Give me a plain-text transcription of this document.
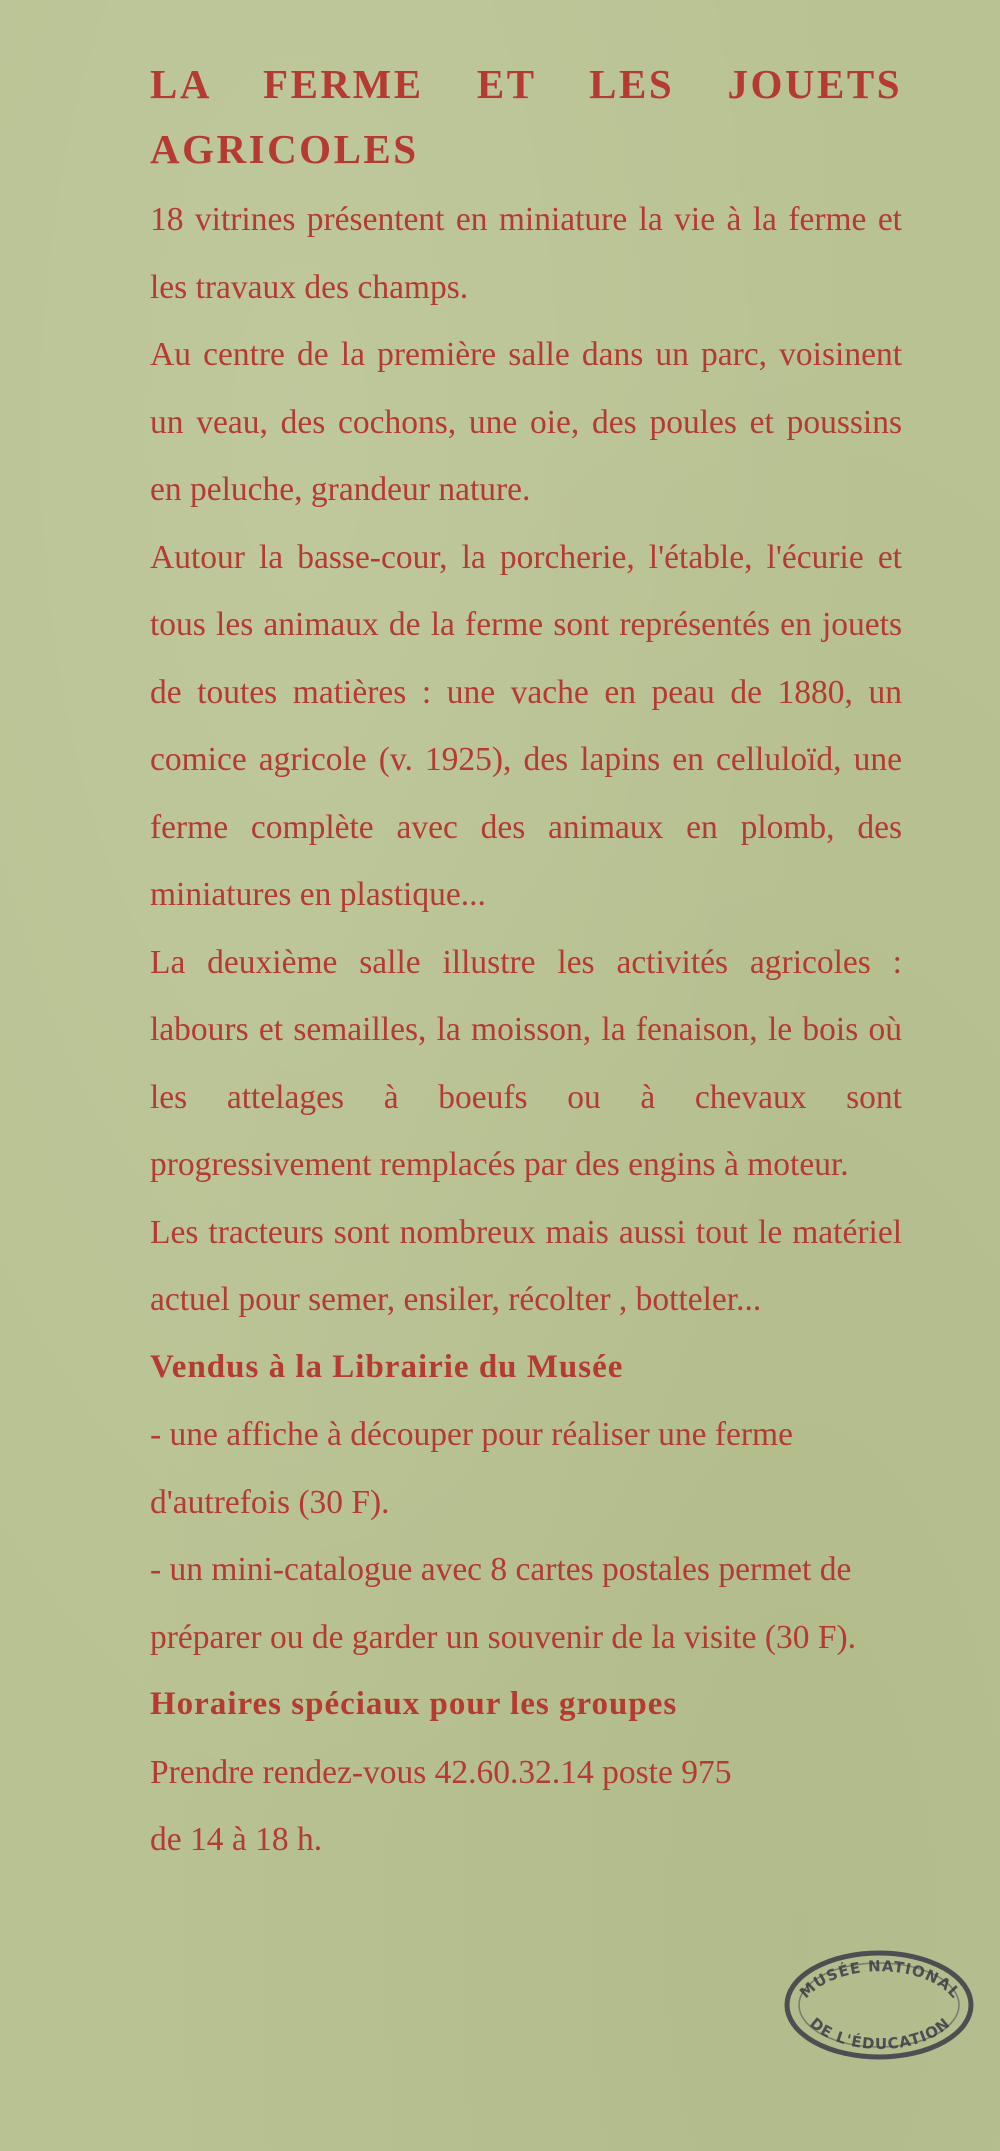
LA FERME ET LES JOUETS
AGRICOLES

18 vitrines présentent en miniature la vie à la ferme et les travaux des champs.

Au centre de la première salle dans un parc, voisinent un veau, des cochons, une oie, des poules et poussins en peluche, grandeur nature.

Autour la basse-cour, la porcherie, l'étable, l'écurie et tous les animaux de la ferme sont représentés en jouets de toutes matières : une vache en peau de 1880, un comice agricole (v. 1925), des lapins en celluloïd, une ferme complète avec des animaux en plomb, des miniatures en plastique...

La deuxième salle illustre les activités agricoles : labours et semailles, la moisson, la fenaison, le bois où les attelages à boeufs ou à chevaux sont progressivement remplacés par des engins à moteur.

Les tracteurs sont nombreux mais aussi tout le matériel actuel pour semer, ensiler, récolter , botteler...

Vendus à la Librairie du Musée

- une affiche à découper pour réaliser une ferme d'autrefois (30 F).

- un mini-catalogue avec 8 cartes postales permet de préparer ou de garder un souvenir de la visite (30 F).

Horaires spéciaux pour les groupes

Prendre rendez-vous 42.60.32.14 poste 975

de 14 à 18 h.

MUSÉE NATIONAL
DE L'ÉDUCATION
